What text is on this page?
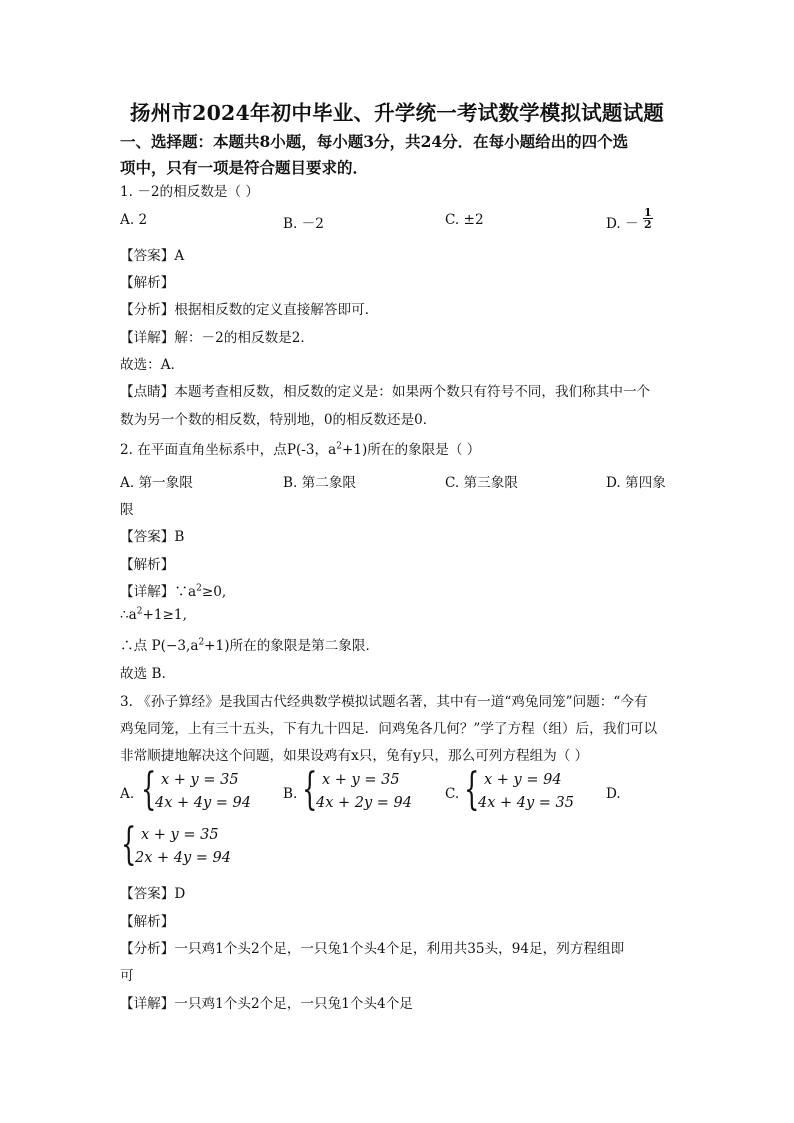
扬州市2024年初中毕业、升学统一考试数学模拟试题试题
一、选择题：本题共8小题，每小题3分，共24分．在每小题给出的四个选
项中，只有一项是符合题目要求的．
1. －2的相反数是（ ）
A. 2	B. －2	C. ±2	D. － $\frac{1}{2}$
【答案】A
【解析】
【分析】根据相反数的定义直接解答即可.
【详解】解：－2的相反数是2．
故选：A．
【点睛】本题考查相反数，相反数的定义是：如果两个数只有符号不同，我们称其中一个
数为另一个数的相反数，特别地，0的相反数还是0．
2. 在平面直角坐标系中，点P(-3，$a^2+1$)所在的象限是（ ）
A. 第一象限	B. 第二象限	C. 第三象限	D. 第四象
限
【答案】B
【解析】
【详解】$\because a^2\ge 0$,
$\therefore a^2+1\ge 1$,
∴点 $P(-3,a^2+1)$所在的象限是第二象限．
故选 B.
3. 《孙子算经》是我国古代经典数学模拟试题名著，其中有一道“鸡兔同笼”问题：“今有
鸡兔同笼，上有三十五头，下有九十四足．问鸡兔各几何？”学了方程（组）后，我们可以
非常顺捷地解决这个问题，如果设鸡有x只，兔有y只，那么可列方程组为（ ）
A. { x + y = 35
4x + 4y = 94
B. { x + y = 35
4x + 2y = 94
C. { x + y = 94
4x + 4y = 35
D.
{ x + y = 35
2x + 4y = 94
【答案】D
【解析】
【分析】一只鸡1个头2个足，一只兔1个头4个足，利用共35头，94足，列方程组即
可
【详解】一只鸡1个头2个足，一只兔1个头4个足
